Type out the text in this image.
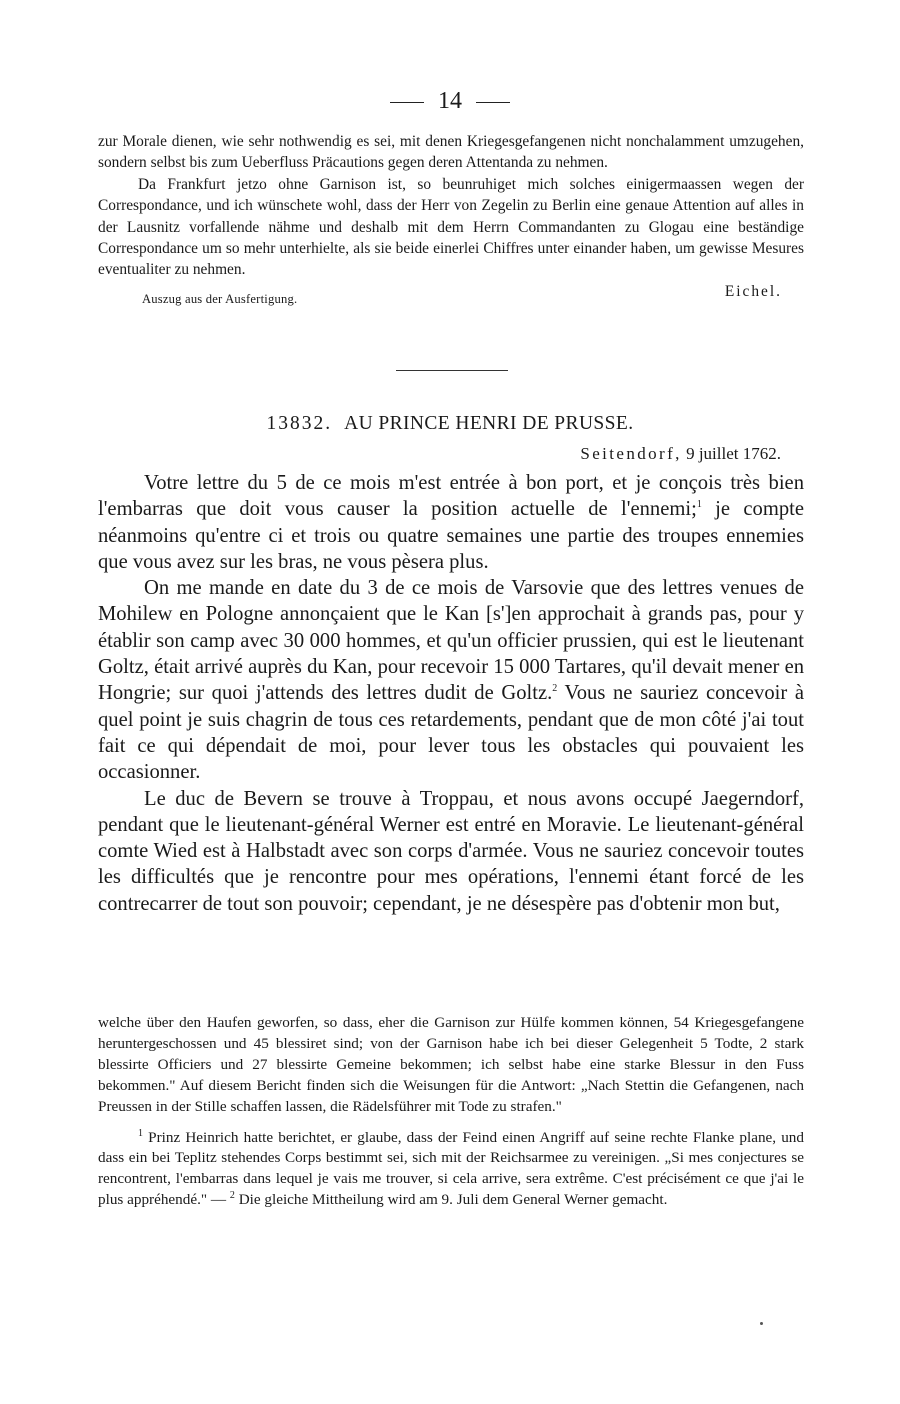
14

zur Morale dienen, wie sehr nothwendig es sei, mit denen Kriegesgefangenen nicht nonchalamment umzugehen, sondern selbst bis zum Ueberfluss Präcautions gegen deren Attentanda zu nehmen.

Da Frankfurt jetzo ohne Garnison ist, so beunruhiget mich solches einigermaassen wegen der Correspondance, und ich wünschete wohl, dass der Herr von Zegelin zu Berlin eine genaue Attention auf alles in der Lausnitz vorfallende nähme und deshalb mit dem Herrn Commandanten zu Glogau eine beständige Correspondance um so mehr unterhielte, als sie beide einerlei Chiffres unter einander haben, um gewisse Mesures eventualiter zu nehmen.

Auszug aus der Ausfertigung.	Eichel.
13832. AU PRINCE HENRI DE PRUSSE.
Seitendorf, 9 juillet 1762.

Votre lettre du 5 de ce mois m'est entrée à bon port, et je conçois très bien l'embarras que doit vous causer la position actuelle de l'ennemi;$^1$ je compte néanmoins qu'entre ci et trois ou quatre semaines une partie des troupes ennemies que vous avez sur les bras, ne vous pèsera plus.

On me mande en date du 3 de ce mois de Varsovie que des lettres venues de Mohilew en Pologne annonçaient que le Kan [s']en approchait à grands pas, pour y établir son camp avec 30 000 hommes, et qu'un officier prussien, qui est le lieutenant Goltz, était arrivé auprès du Kan, pour recevoir 15 000 Tartares, qu'il devait mener en Hongrie; sur quoi j'attends des lettres dudit de Goltz.$^2$ Vous ne sauriez concevoir à quel point je suis chagrin de tous ces retardements, pendant que de mon côté j'ai tout fait ce qui dépendait de moi, pour lever tous les obstacles qui pouvaient les occasionner.

Le duc de Bevern se trouve à Troppau, et nous avons occupé Jaegerndorf, pendant que le lieutenant-général Werner est entré en Moravie. Le lieutenant-général comte Wied est à Halbstadt avec son corps d'armée. Vous ne sauriez concevoir toutes les difficultés que je rencontre pour mes opérations, l'ennemi étant forcé de les contrecarrer de tout son pouvoir; cependant, je ne désespère pas d'obtenir mon but,

welche über den Haufen geworfen, so dass, eher die Garnison zur Hülfe kommen können, 54 Kriegesgefangene heruntergeschossen und 45 blessiret sind; von der Garnison habe ich bei dieser Gelegenheit 5 Todte, 2 stark blessirte Officiers und 27 blessirte Gemeine bekommen; ich selbst habe eine starke Blessur in den Fuss bekommen." Auf diesem Bericht finden sich die Weisungen für die Antwort: „Nach Stettin die Gefangenen, nach Preussen in der Stille schaffen lassen, die Rädelsführer mit Tode zu strafen."

$^1$ Prinz Heinrich hatte berichtet, er glaube, dass der Feind einen Angriff auf seine rechte Flanke plane, und dass ein bei Teplitz stehendes Corps bestimmt sei, sich mit der Reichsarmee zu vereinigen. „Si mes conjectures se rencontrent, l'embarras dans lequel je vais me trouver, si cela arrive, sera extrême. C'est précisément ce que j'ai le plus appréhendé." — $^2$ Die gleiche Mittheilung wird am 9. Juli dem General Werner gemacht.
